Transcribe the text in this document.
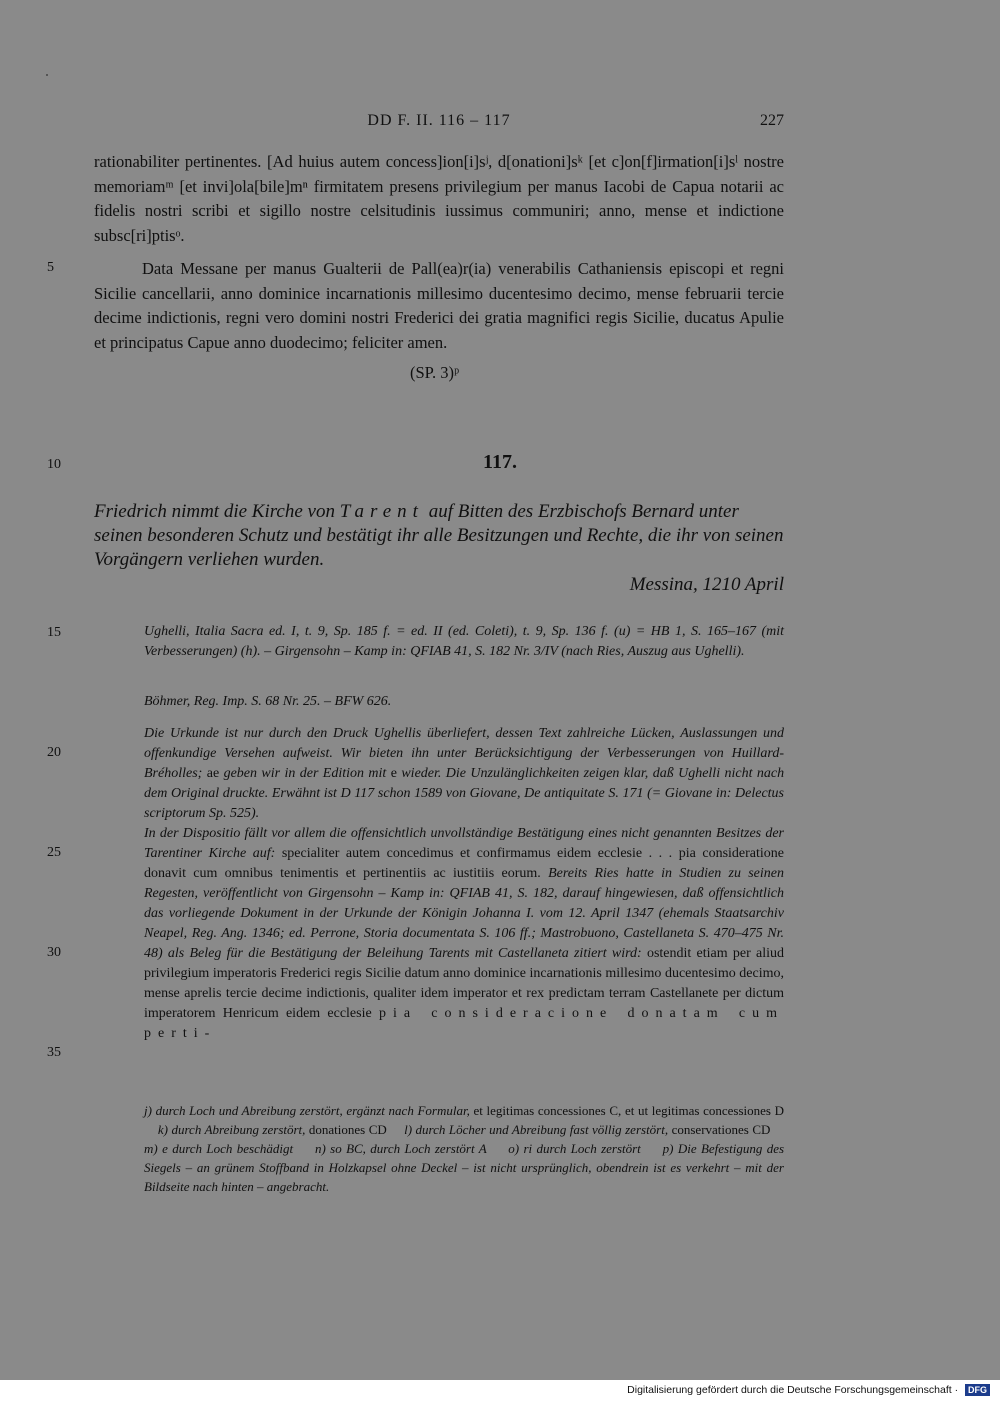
DD F. II. 116 – 117	227
rationabiliter pertinentes. [Ad huius autem concess]ion[i]sʲ, d[onationi]sᵏ [et c]on[f]irmation[i]sˡ nostre memoriamᵐ [et invi]ola[bile]mⁿ firmitatem presens privilegium per manus Iacobi de Capua notarii ac fidelis nostri scribi et sigillo nostre celsitudinis iussimus communiri; anno, mense et indictione subsc[ri]ptisᵒ.
Data Messane per manus Gualterii de Pall(ea)r(ia) venerabilis Cathaniensis episcopi et regni Sicilie cancellarii, anno dominice incarnationis millesimo ducentesimo decimo, mense februarii tercie decime indictionis, regni vero domini nostri Frederici dei gratia magnifici regis Sicilie, ducatus Apulie et principatus Capue anno duodecimo; feliciter amen.
(SP. 3)ᵖ
5
10
15
20
25
30
35
117.
Friedrich nimmt die Kirche von Tarent auf Bitten des Erzbischofs Bernard unter seinen besonderen Schutz und bestätigt ihr alle Besitzungen und Rechte, die ihr von seinen Vorgängern verliehen wurden.
Messina, 1210 April
Ughelli, Italia Sacra ed. I, t. 9, Sp. 185 f. = ed. II (ed. Coleti), t. 9, Sp. 136 f. (u) = HB 1, S. 165–167 (mit Verbesserungen) (h). – Girgensohn – Kamp in: QFIAB 41, S. 182 Nr. 3/IV (nach Ries, Auszug aus Ughelli).
Böhmer, Reg. Imp. S. 68 Nr. 25. – BFW 626.
Die Urkunde ist nur durch den Druck Ughellis überliefert, dessen Text zahlreiche Lücken, Auslassungen und offenkundige Versehen aufweist. Wir bieten ihn unter Berücksichtigung der Verbesserungen von Huillard-Bréholles; ae geben wir in der Edition mit e wieder. Die Unzulänglichkeiten zeigen klar, daß Ughelli nicht nach dem Original druckte. Erwähnt ist D 117 schon 1589 von Giovane, De antiquitate S. 171 (= Giovane in: Delectus scriptorum Sp. 525).
In der Dispositio fällt vor allem die offensichtlich unvollständige Bestätigung eines nicht genannten Besitzes der Tarentiner Kirche auf: specialiter autem concedimus et confirmamus eidem ecclesie . . . pia consideratione donavit cum omnibus tenimentis et pertinentiis ac iustitiis eorum. Bereits Ries hatte in Studien zu seinen Regesten, veröffentlicht von Girgensohn – Kamp in: QFIAB 41, S. 182, darauf hingewiesen, daß offensichtlich das vorliegende Dokument in der Urkunde der Königin Johanna I. vom 12. April 1347 (ehemals Staatsarchiv Neapel, Reg. Ang. 1346; ed. Perrone, Storia documentata S. 106 ff.; Mastrobuono, Castellaneta S. 470–475 Nr. 48) als Beleg für die Bestätigung der Beleihung Tarents mit Castellaneta zitiert wird: ostendit etiam per aliud privilegium imperatoris Frederici regis Sicilie datum anno dominice incarnationis millesimo ducentesimo decimo, mense aprelis tercie decime indictionis, qualiter idem imperator et rex predictam terram Castellanete per dictum imperatorem Henricum eidem ecclesie pia consideracione donatam cum perti-
j) durch Loch und Abreibung zerstört, ergänzt nach Formular, et legitimas concessiones C, et ut legitimas concessiones D     k) durch Abreibung zerstört, donationes CD l) durch Löcher und Abreibung fast völlig zerstört, conservationes CD     m) e durch Loch beschädigt n) so BC, durch Loch zerstört A o) ri durch Loch zerstört p) Die Befestigung des Siegels – an grünem Stoffband in Holzkapsel ohne Deckel – ist nicht ursprünglich, obendrein ist es verkehrt – mit der Bildseite nach hinten – angebracht.
Digitalisierung gefördert durch die Deutsche Forschungsgemeinschaft · DFG
